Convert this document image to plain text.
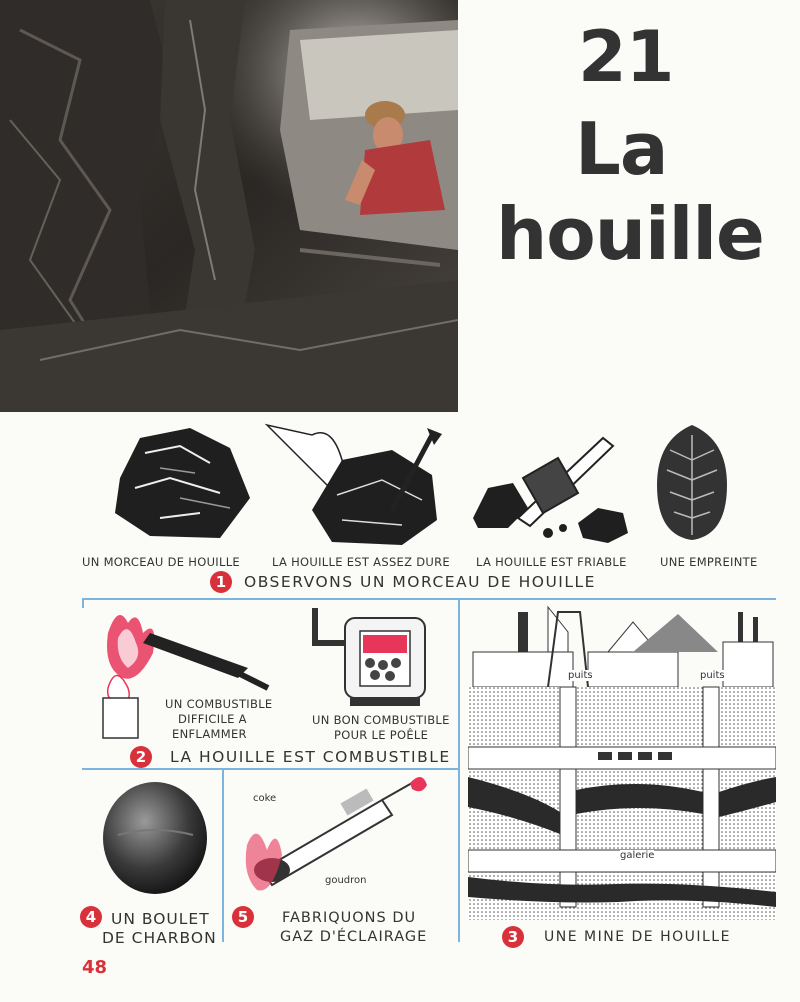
21
La
houille
UN MORCEAU DE HOUILLE	LA HOUILLE EST ASSEZ DURE LA HOUILLE EST FRIABLE	UNE EMPREINTE
1	OBSERVONS UN MORCEAU DE HOUILLE
UN COMBUSTIBLE
DIFFICILE A
ENFLAMMER
UN BON COMBUSTIBLE
POUR LE POÊLE
2	LA HOUILLE EST COMBUSTIBLE
puits	puits
galerie
3	UNE MINE DE HOUILLE
4 UN BOULET
DE CHARBON
coke
goudron
5	FABRIQUONS DU
GAZ D'ÉCLAIRAGE
48
